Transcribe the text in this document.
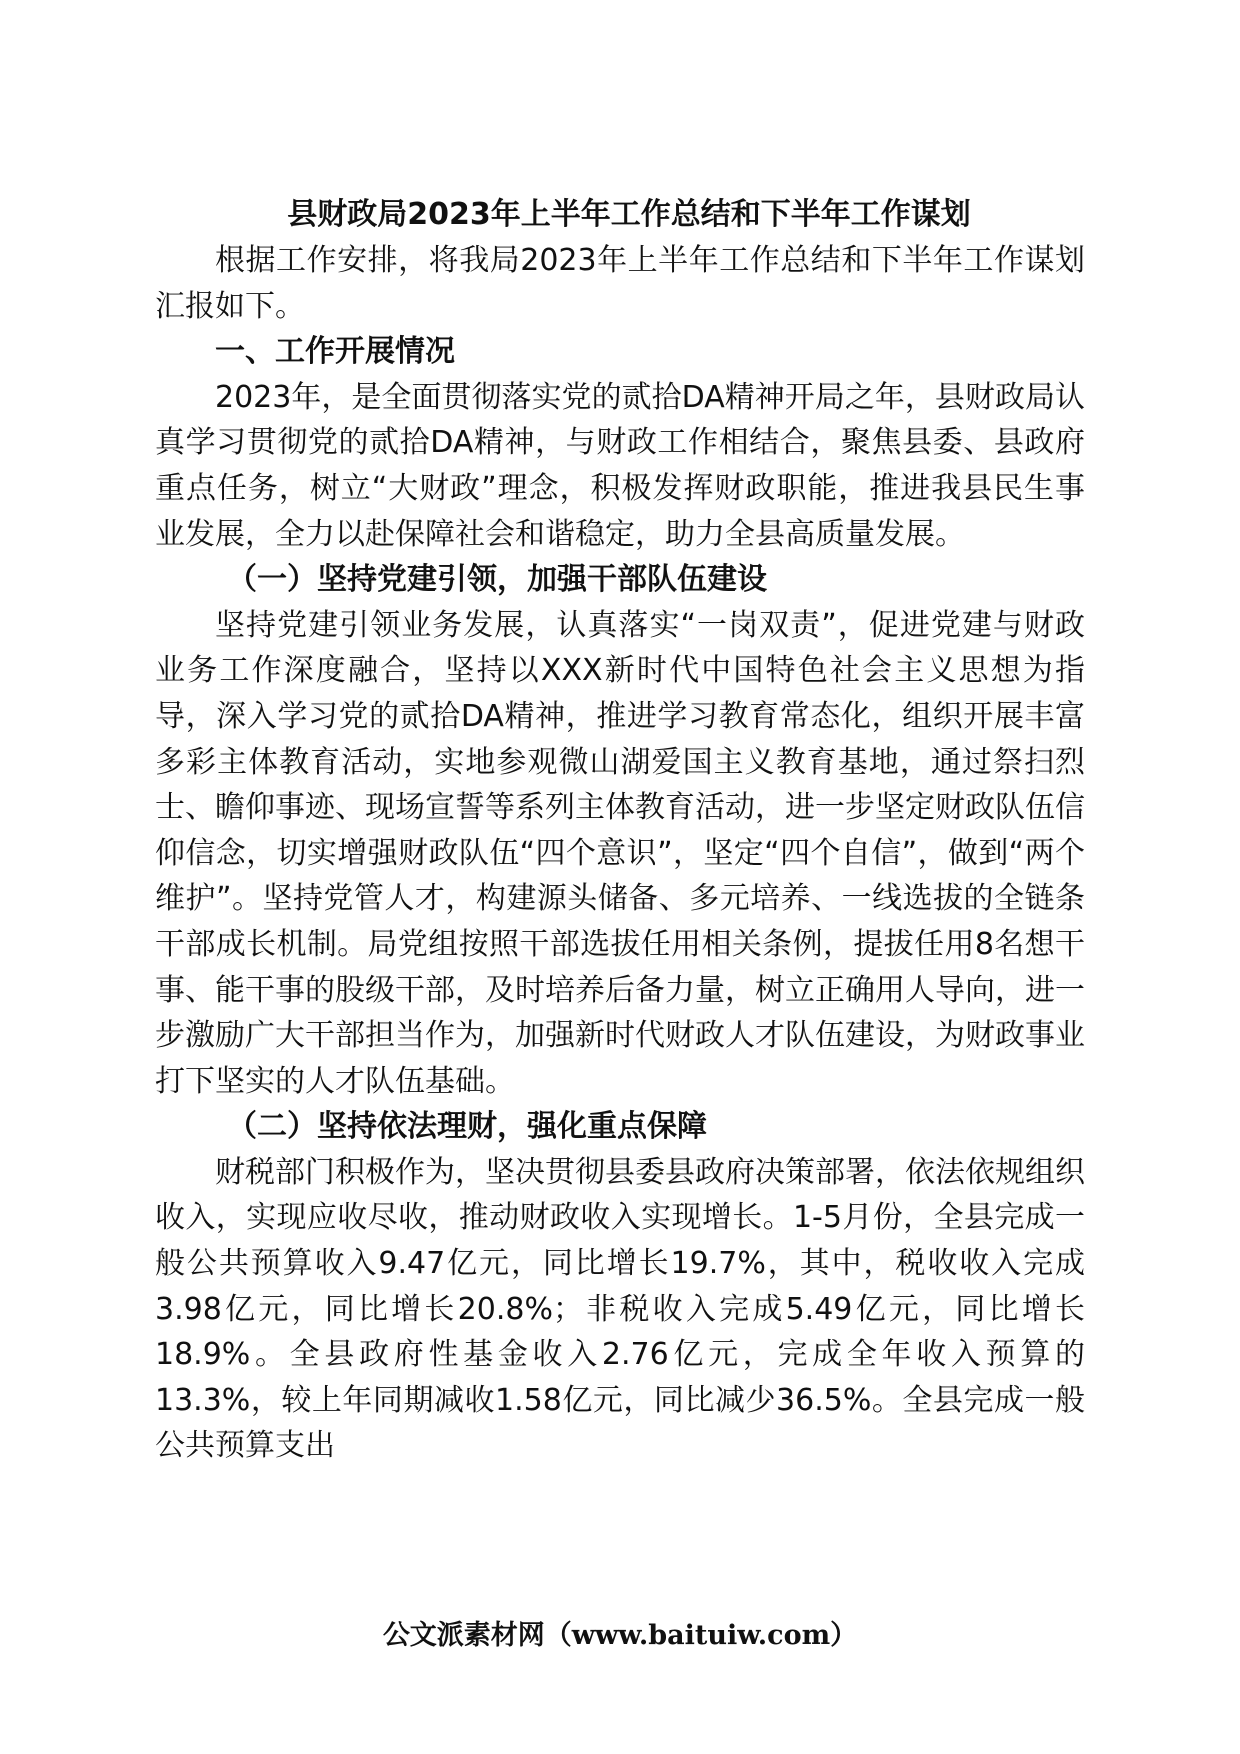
县财政局2023年上半年工作总结和下半年工作谋划

根据工作安排，将我局2023年上半年工作总结和下半年工作谋划汇报如下。

一、工作开展情况

2023年，是全面贯彻落实党的贰拾DA精神开局之年，县财政局认真学习贯彻党的贰拾DA精神，与财政工作相结合，聚焦县委、县政府重点任务，树立“大财政”理念，积极发挥财政职能，推进我县民生事业发展，全力以赴保障社会和谐稳定，助力全县高质量发展。

（一）坚持党建引领，加强干部队伍建设

坚持党建引领业务发展，认真落实“一岗双责”，促进党建与财政业务工作深度融合，坚持以XXX新时代中国特色社会主义思想为指导，深入学习党的贰拾DA精神，推进学习教育常态化，组织开展丰富多彩主体教育活动，实地参观微山湖爱国主义教育基地，通过祭扫烈士、瞻仰事迹、现场宣誓等系列主体教育活动，进一步坚定财政队伍信仰信念，切实增强财政队伍“四个意识”，坚定“四个自信”，做到“两个维护”。坚持党管人才，构建源头储备、多元培养、一线选拔的全链条干部成长机制。局党组按照干部选拔任用相关条例，提拔任用8名想干事、能干事的股级干部，及时培养后备力量，树立正确用人导向，进一步激励广大干部担当作为，加强新时代财政人才队伍建设，为财政事业打下坚实的人才队伍基础。

（二）坚持依法理财，强化重点保障

财税部门积极作为，坚决贯彻县委县政府决策部署，依法依规组织收入，实现应收尽收，推动财政收入实现增长。1-5月份，全县完成一般公共预算收入9.47亿元，同比增长19.7%，其中，税收收入完成3.98亿元，同比增长20.8%；非税收入完成5.49亿元，同比增长18.9%。全县政府性基金收入2.76亿元，完成全年收入预算的13.3%，较上年同期减收1.58亿元，同比减少36.5%。全县完成一般公共预算支出

公文派素材网（www.baituiw.com）
